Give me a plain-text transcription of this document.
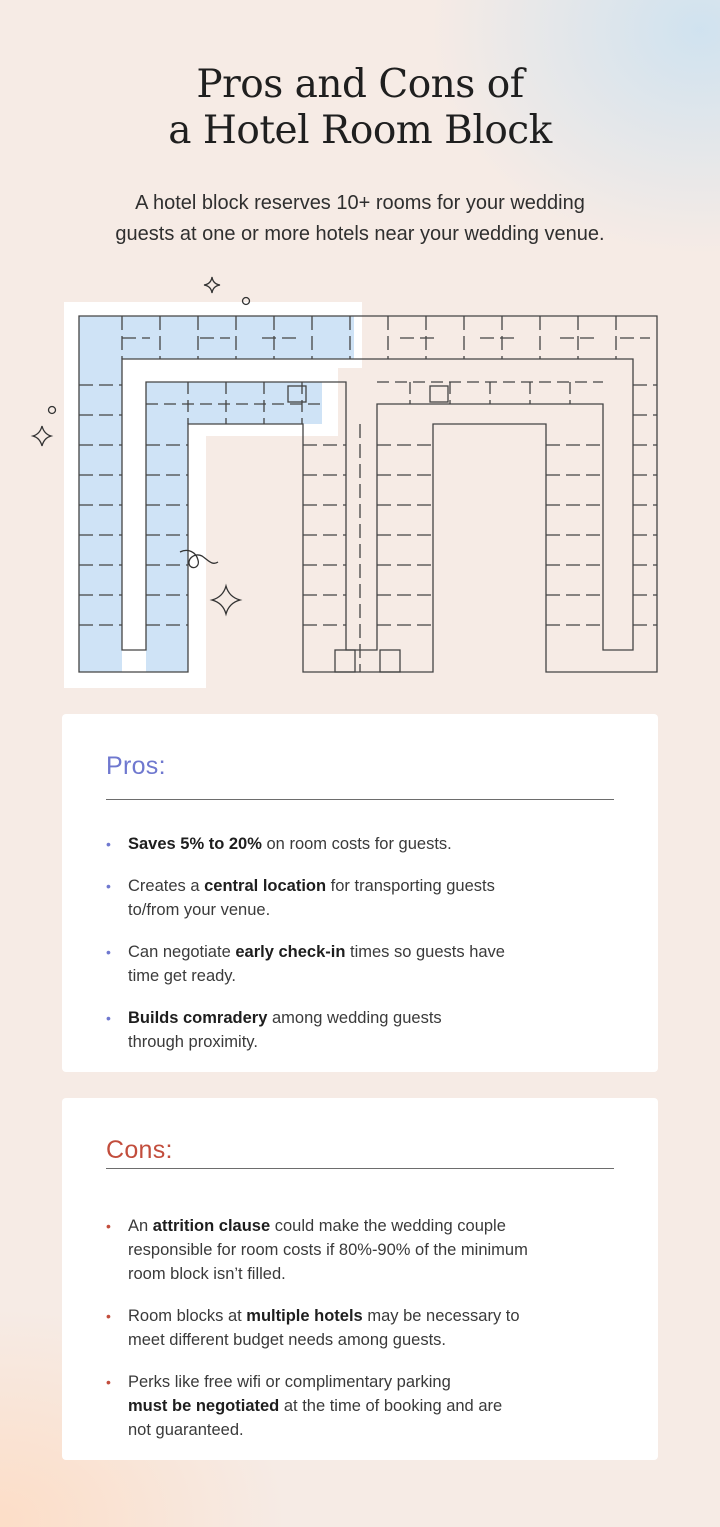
Pros and Cons of
a Hotel Room Block

A hotel block reserves 10+ rooms for your wedding
guests at one or more hotels near your wedding venue.

Pros:
• Saves 5% to 20% on room costs for guests.
• Creates a central location for transporting guests
to/from your venue.
• Can negotiate early check-in times so guests have
time get ready.
• Builds comradery among wedding guests
through proximity.
Cons:
• An attrition clause could make the wedding couple
responsible for room costs if 80%-90% of the minimum
room block isn’t filled.
• Room blocks at multiple hotels may be necessary to
meet different budget needs among guests.
• Perks like free wifi or complimentary parking
must be negotiated at the time of booking and are
not guaranteed.
